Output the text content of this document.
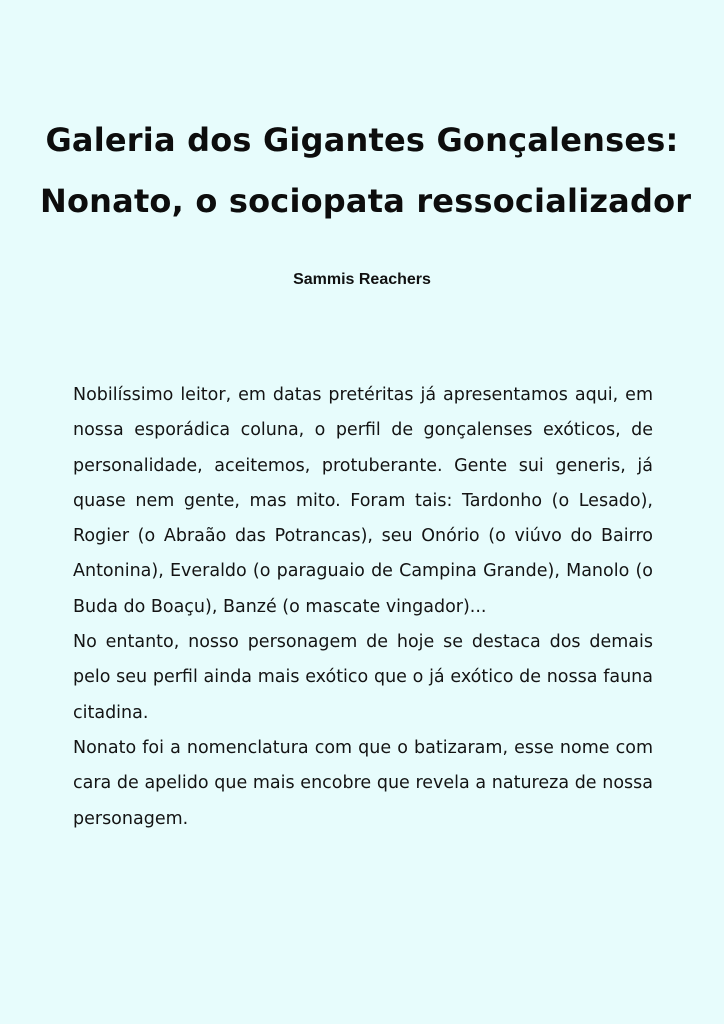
Galeria dos Gigantes Gonçalenses:
Nonato, o sociopata ressocializador
Sammis Reachers

Nobilíssimo leitor, em datas pretéritas já apresentamos aqui, em nossa esporádica coluna, o perfil de gonçalenses exóticos, de personalidade, aceitemos, protuberante. Gente sui generis, já quase nem gente, mas mito. Foram tais: Tardonho (o Lesado), Rogier (o Abraão das Potrancas), seu Onório (o viúvo do Bairro Antonina), Everaldo (o paraguaio de Campina Grande), Manolo (o Buda do Boaçu), Banzé (o mascate vingador)...

No entanto, nosso personagem de hoje se destaca dos demais pelo seu perfil ainda mais exótico que o já exótico de nossa fauna citadina.

Nonato foi a nomenclatura com que o batizaram, esse nome com cara de apelido que mais encobre que revela a natureza de nossa personagem.
